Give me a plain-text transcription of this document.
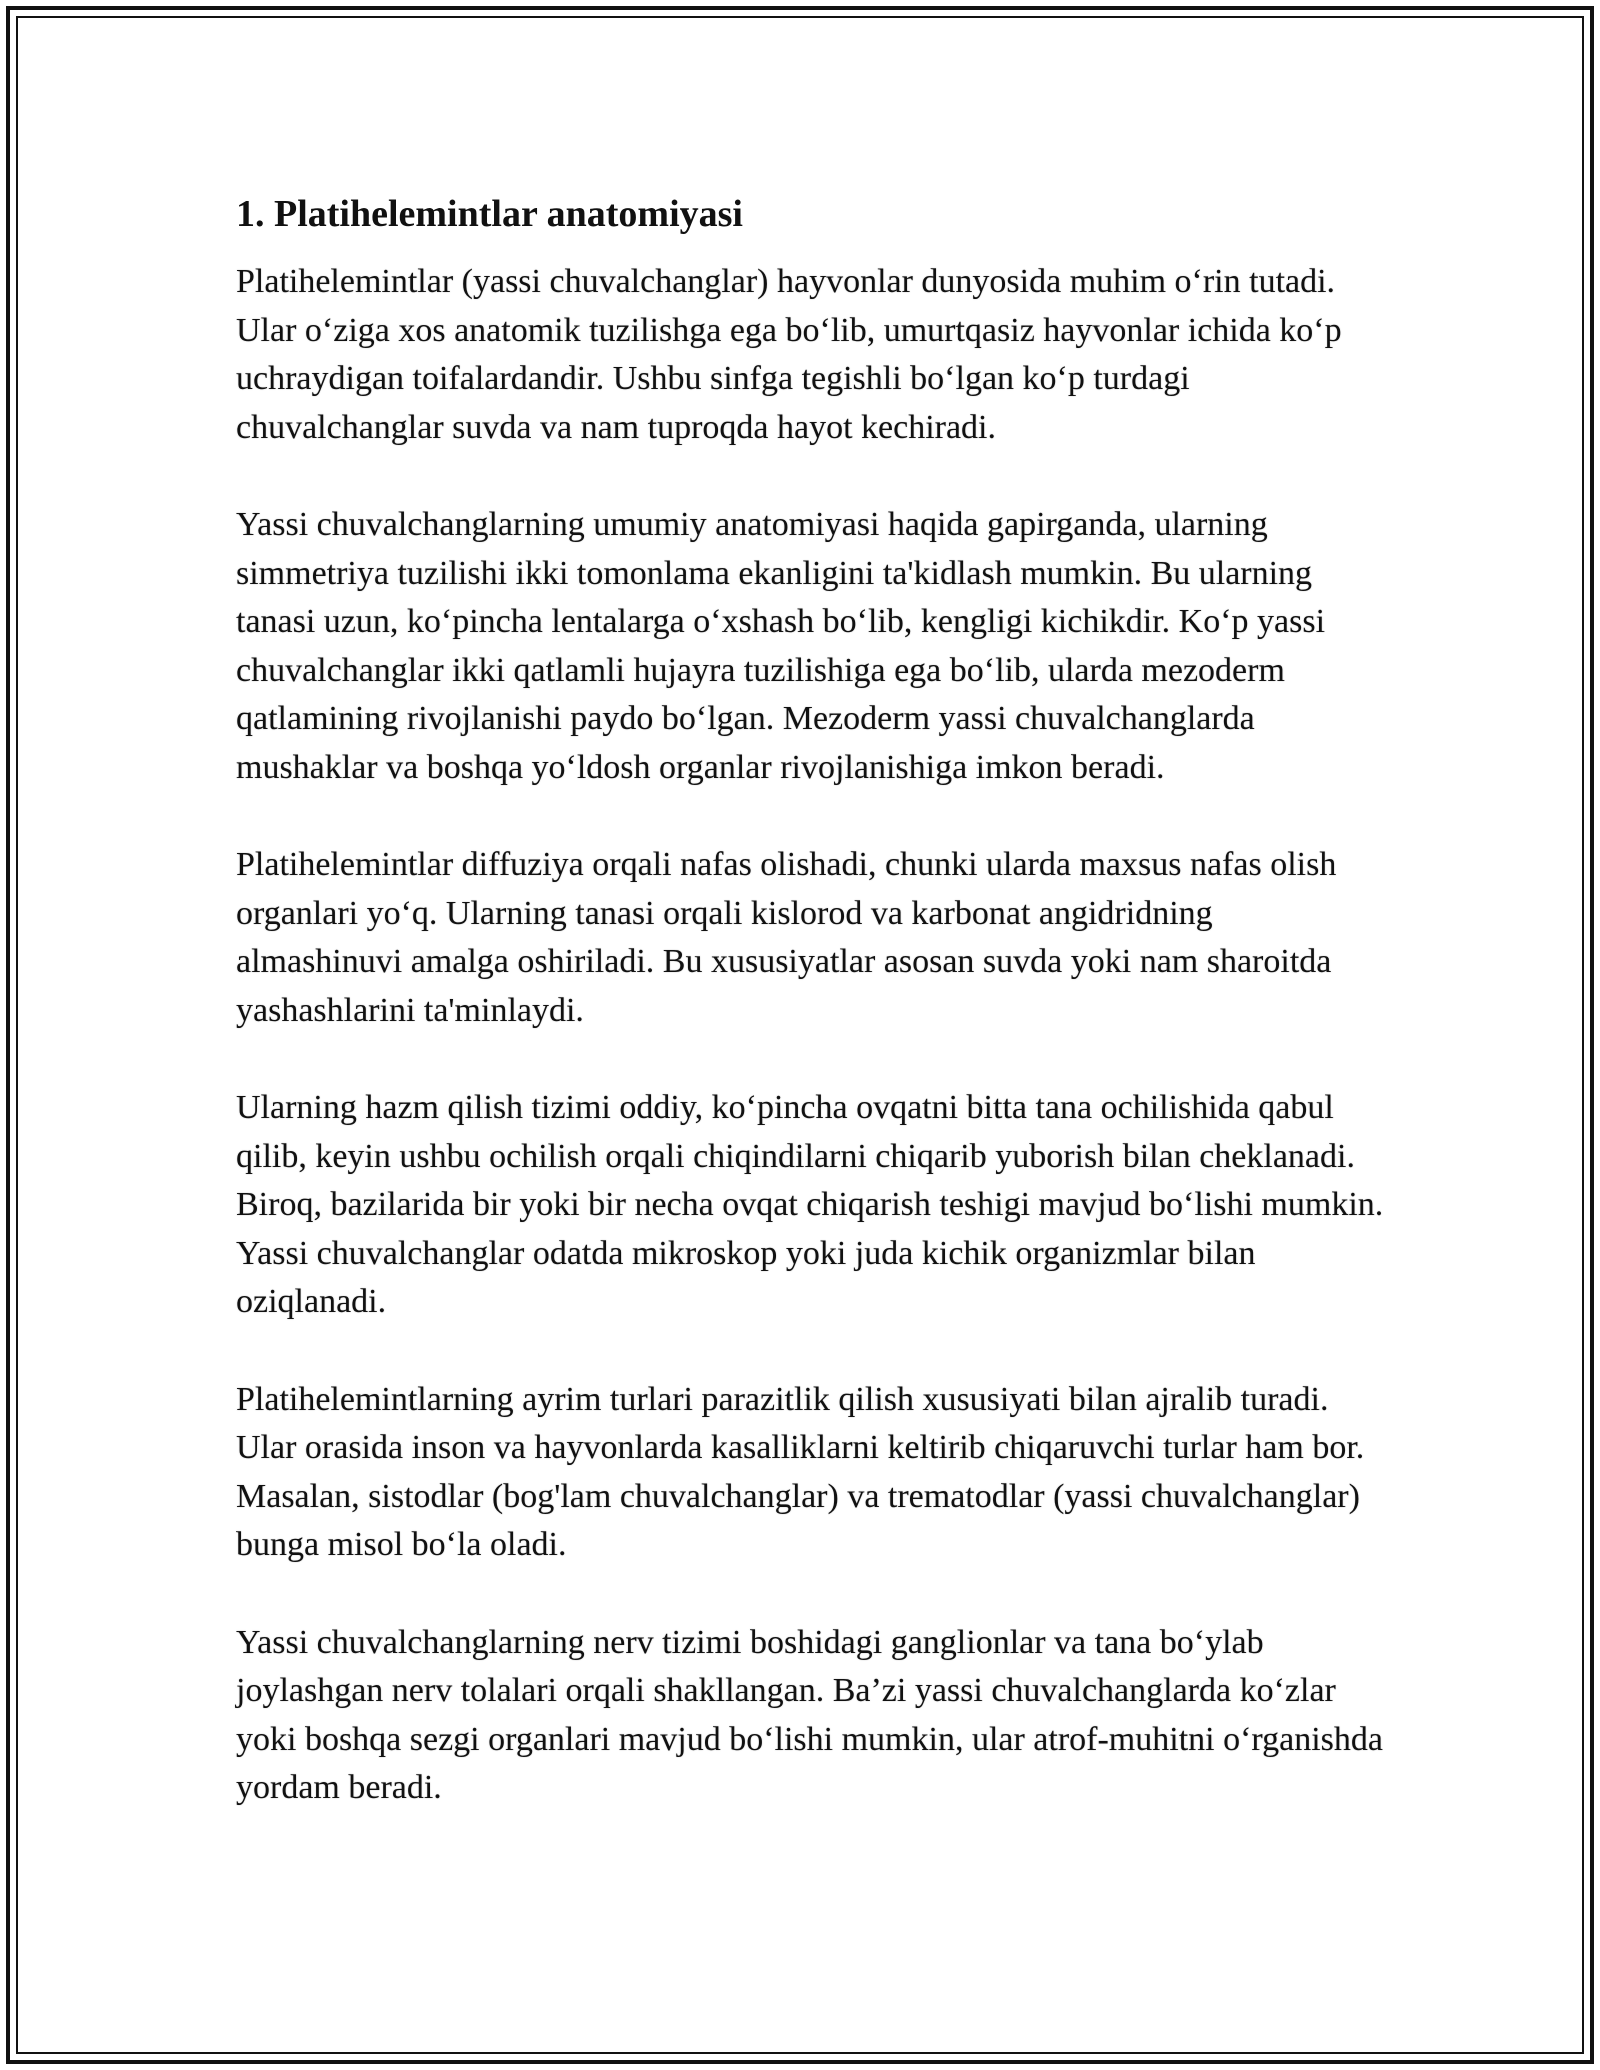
1. Platihelemintlar anatomiyasi

Platihelemintlar (yassi chuvalchanglar) hayvonlar dunyosida muhim o‘rin tutadi. Ular o‘ziga xos anatomik tuzilishga ega bo‘lib, umurtqasiz hayvonlar ichida ko‘p uchraydigan toifalardandir. Ushbu sinfga tegishli bo‘lgan ko‘p turdagi chuvalchanglar suvda va nam tuproqda hayot kechiradi.

Yassi chuvalchanglarning umumiy anatomiyasi haqida gapirganda, ularning simmetriya tuzilishi ikki tomonlama ekanligini ta'kidlash mumkin. Bu ularning tanasi uzun, ko‘pincha lentalarga o‘xshash bo‘lib, kengligi kichikdir. Ko‘p yassi chuvalchanglar ikki qatlamli hujayra tuzilishiga ega bo‘lib, ularda mezoderm qatlamining rivojlanishi paydo bo‘lgan. Mezoderm yassi chuvalchanglarda mushaklar va boshqa yo‘ldosh organlar rivojlanishiga imkon beradi.

Platihelemintlar diffuziya orqali nafas olishadi, chunki ularda maxsus nafas olish organlari yo‘q. Ularning tanasi orqali kislorod va karbonat angidridning almashinuvi amalga oshiriladi. Bu xususiyatlar asosan suvda yoki nam sharoitda yashashlarini ta'minlaydi.

Ularning hazm qilish tizimi oddiy, ko‘pincha ovqatni bitta tana ochilishida qabul qilib, keyin ushbu ochilish orqali chiqindilarni chiqarib yuborish bilan cheklanadi. Biroq, bazilarida bir yoki bir necha ovqat chiqarish teshigi mavjud bo‘lishi mumkin. Yassi chuvalchanglar odatda mikroskop yoki juda kichik organizmlar bilan oziqlanadi.

Platihelemintlarning ayrim turlari parazitlik qilish xususiyati bilan ajralib turadi. Ular orasida inson va hayvonlarda kasalliklarni keltirib chiqaruvchi turlar ham bor. Masalan, sistodlar (bog'lam chuvalchanglar) va trematodlar (yassi chuvalchanglar) bunga misol bo‘la oladi.

Yassi chuvalchanglarning nerv tizimi boshidagi ganglionlar va tana bo‘ylab joylashgan nerv tolalari orqali shakllangan. Ba’zi yassi chuvalchanglarda ko‘zlar yoki boshqa sezgi organlari mavjud bo‘lishi mumkin, ular atrof-muhitni o‘rganishda yordam beradi.
